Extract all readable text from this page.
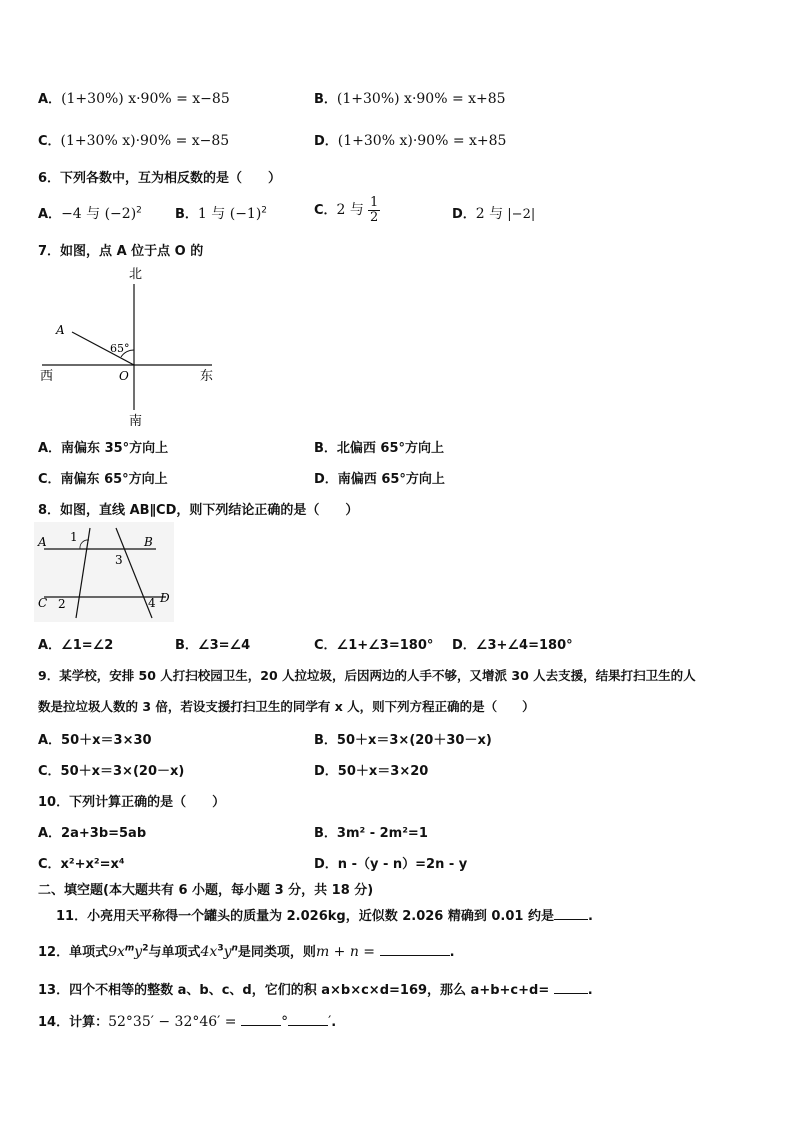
A．(1+30%) x·90% = x−85	B．(1+30%) x·90% = x+85
C．(1+30% x)·90% = x−85	D．(1+30% x)·90% = x+85
6．下列各数中，互为相反数的是（　　）
A．−4 与 $(-2)^2$	B．1 与 $(-1)^2$	C．2 与 $\frac{1}{2}$	D．2 与 |−2|
7．如图，点 A 位于点 O 的
北
南
东
西
A
O
65°
A．南偏东 35°方向上	B．北偏西 65°方向上
C．南偏东 65°方向上	D．南偏西 65°方向上
8．如图，直线 AB∥CD，则下列结论正确的是（　　）
A	B
C	D
1
2
3
4
A．∠1=∠2	B．∠3=∠4	C．∠1+∠3=180° D．∠3+∠4=180°
9．某学校，安排 50 人打扫校园卫生，20 人拉垃圾，后因两边的人手不够，又增派 30 人去支援，结果打扫卫生的人
数是拉垃圾人数的 3 倍，若设支援打扫卫生的同学有 x 人，则下列方程正确的是（　　）
A．50＋x＝3×30	B．50＋x＝3×(20＋30－x)
C．50＋x＝3×(20－x)	D．50＋x＝3×20
10．下列计算正确的是（　　）
A．2a+3b=5ab	B．3m² - 2m²=1
C．x²+x²=x⁴	D．n -（y - n）=2n - y
二、填空题(本大题共有 6 小题，每小题 3 分，共 18 分)
11．小亮用天平称得一个罐头的质量为 2.026kg，近似数 2.026 精确到 0.01 约是	.
12．单项式$9x^my^2$与单项式$4x^3y^n$是同类项，则m + n =	.
13．四个不相等的整数 a、b、c、d，它们的积 a×b×c×d=169，那么 a+b+c+d=	.
14．计算：52°35′ − 32°46′ =	°	′.
